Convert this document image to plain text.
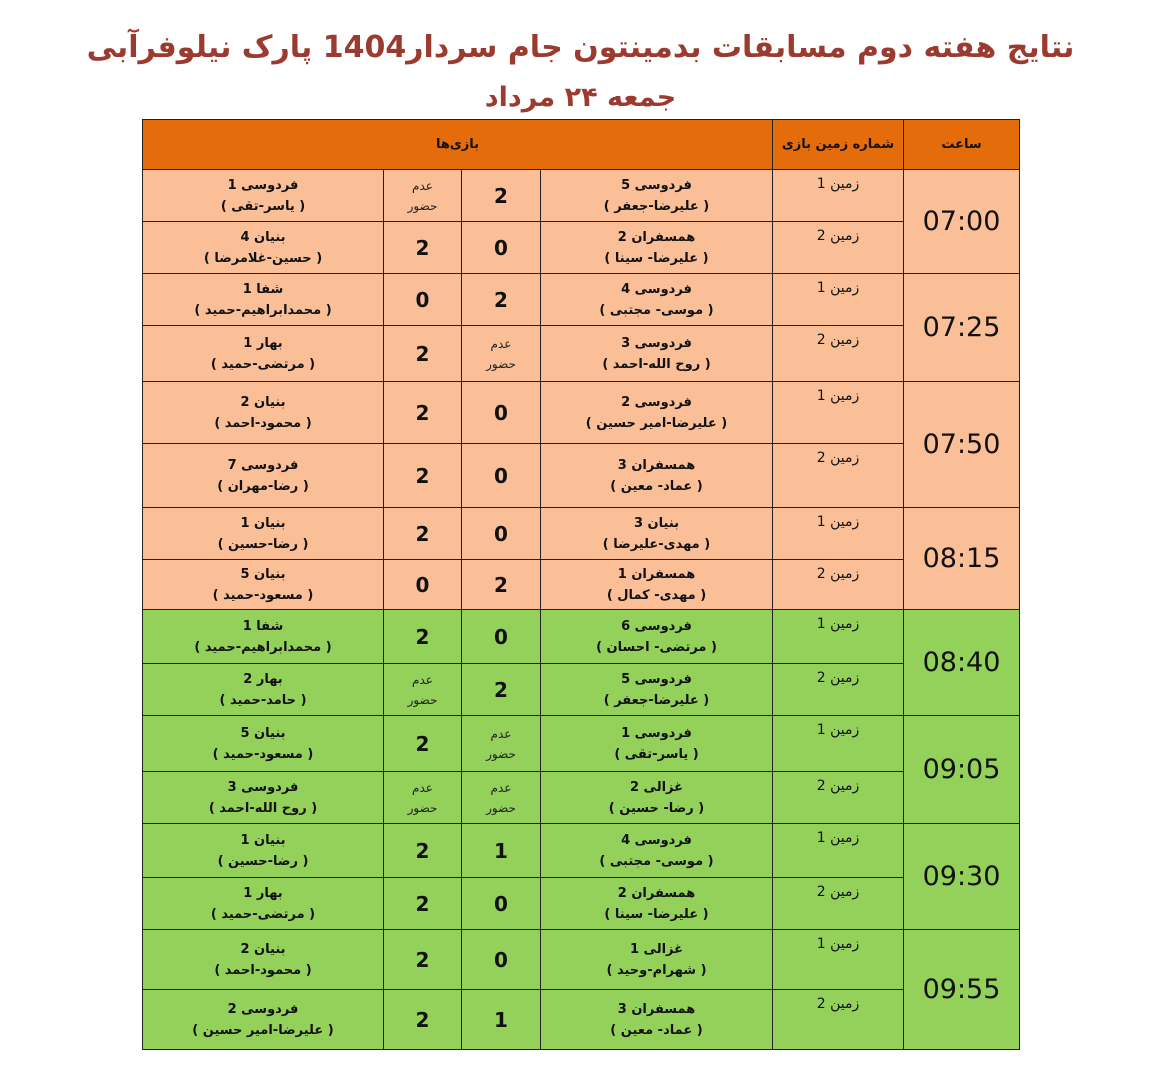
نتایج هفته دوم مسابقات بدمینتون جام سردار1404 پارک نیلوفرآبی
جمعه ۲۴ مرداد
بازی‌ها				شماره زمین بازی	ساعت

1 فردوسی
( یاسر-تقی )	عدم
حضور	2	5 فردوسی
( علیرضا-جعفر )	زمین 1	07:00

4 بنیان
( حسین-غلامرضا )	2	0	2 همسفران
( علیرضا- سینا )	زمین 2	

1 شفا
( محمدابراهیم-حمید )	0	2	4 فردوسی
( موسی- مجتبی )	زمین 1	07:25

1 بهار
( مرتضی-حمید )	2	عدم
حضور	3 فردوسی
( روح الله-احمد )	زمین 2	

2 بنیان
( محمود-احمد )	2	0	2 فردوسی
( علیرضا-امیر حسین )	زمین 1	07:50

7 فردوسی
( رضا-مهران )	2	0	3 همسفران
( عماد- معین )	زمین 2	

1 بنیان
( رضا-حسین )	2	0	3 بنیان
( مهدی-علیرضا )	زمین 1	08:15

5 بنیان
( مسعود-حمید )	0	2	1 همسفران
( مهدی- کمال )	زمین 2	

1 شفا
( محمدابراهیم-حمید )	2	0	6 فردوسی
( مرتضی- احسان )	زمین 1	08:40

2 بهار
( حامد-حمید )	عدم
حضور	2	5 فردوسی
( علیرضا-جعفر )	زمین 2	

5 بنیان
( مسعود-حمید )	2	عدم
حضور	1 فردوسی
( یاسر-تقی )	زمین 1	09:05

3 فردوسی
( روح الله-احمد )	عدم
حضور	عدم
حضور	2 غزالی
( رضا- حسین )	زمین 2	

1 بنیان
( رضا-حسین )	2	1	4 فردوسی
( موسی- مجتبی )	زمین 1	09:30

1 بهار
( مرتضی-حمید )	2	0	2 همسفران
( علیرضا- سینا )	زمین 2	

2 بنیان
( محمود-احمد )	2	0	1 غزالی
( شهرام-وحید )	زمین 1	09:55

2 فردوسی
( علیرضا-امیر حسین )	2	1	3 همسفران
( عماد- معین )	زمین 2	
